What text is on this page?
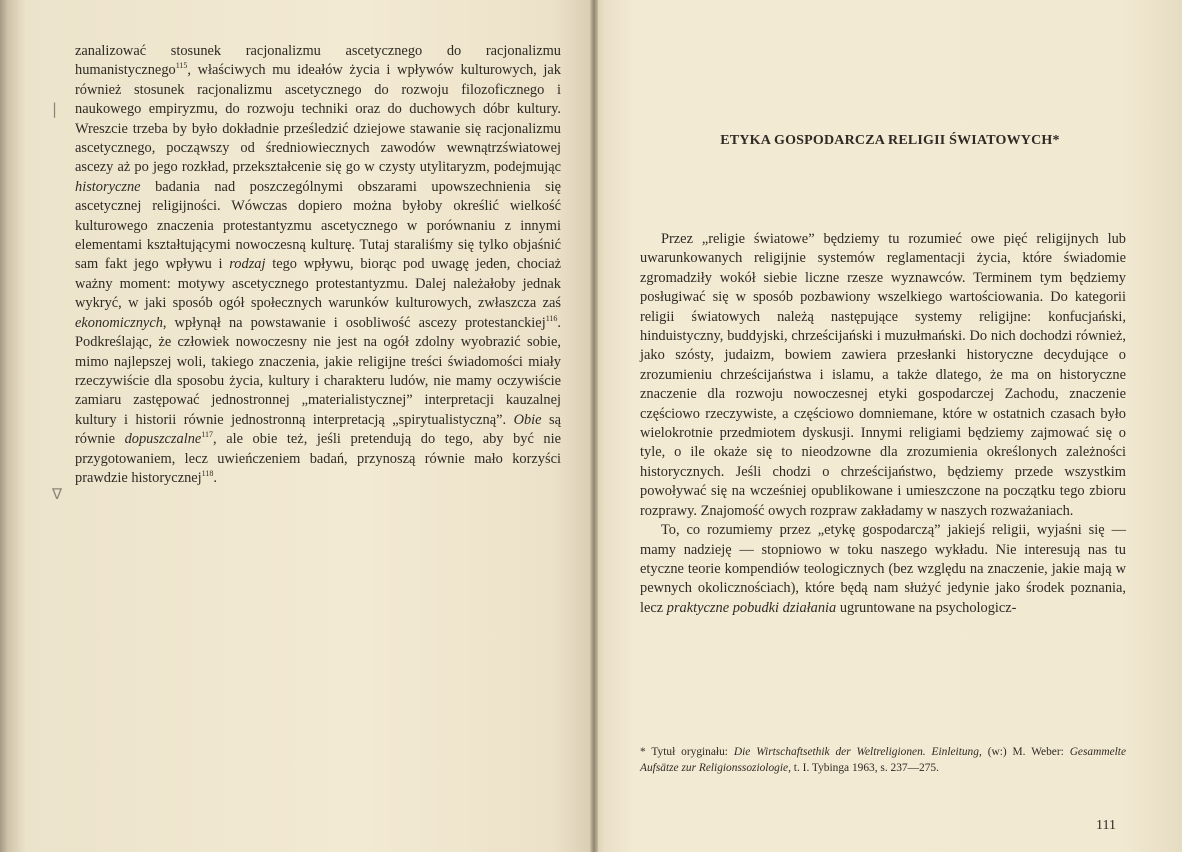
|
∇

zanalizować stosunek racjonalizmu ascetycznego do racjonalizmu humanistycznego$^{115}$, właściwych mu ideałów życia i wpływów kulturowych, jak również stosunek racjonalizmu ascetycznego do rozwoju filozoficznego i naukowego empiryzmu, do rozwoju techniki oraz do duchowych dóbr kultury. Wreszcie trzeba by było dokładnie prześledzić dziejowe stawanie się racjonalizmu ascetycznego, począwszy od średniowiecznych zawodów wewnątrzświatowej ascezy aż po jego rozkład, przekształcenie się go w czysty utylitaryzm, podejmując historyczne badania nad poszczególnymi obszarami upowszechnienia się ascetycznej religijności. Wówczas dopiero można byłoby określić wielkość kulturowego znaczenia protestantyzmu ascetycznego w porównaniu z innymi elementami kształtującymi nowoczesną kulturę. Tutaj staraliśmy się tylko objaśnić sam fakt jego wpływu i rodzaj tego wpływu, biorąc pod uwagę jeden, chociaż ważny moment: motywy ascetycznego protestantyzmu. Dalej należałoby jednak wykryć, w jaki sposób ogół społecznych warunków kulturowych, zwłaszcza zaś ekonomicznych, wpłynął na powstawanie i osobliwość ascezy protestanckiej$^{116}$. Podkreślając, że człowiek nowoczesny nie jest na ogół zdolny wyobrazić sobie, mimo najlepszej woli, takiego znaczenia, jakie religijne treści świadomości miały rzeczywiście dla sposobu życia, kultury i charakteru ludów, nie mamy oczywiście zamiaru zastępować jednostronnej „materialistycznej” interpretacji kauzalnej kultury i historii równie jednostronną interpretacją „spirytualistyczną”. Obie są równie dopuszczalne$^{117}$, ale obie też, jeśli pretendują do tego, aby być nie przygotowaniem, lecz uwieńczeniem badań, przynoszą równie mało korzyści prawdzie historycznej$^{118}$.

ETYKA GOSPODARCZA RELIGII ŚWIATOWYCH*

Przez „religie światowe” będziemy tu rozumieć owe pięć religijnych lub uwarunkowanych religijnie systemów reglamentacji życia, które świadomie zgromadziły wokół siebie liczne rzesze wyznawców. Terminem tym będziemy posługiwać się w sposób pozbawiony wszelkiego wartościowania. Do kategorii religii światowych należą następujące systemy religijne: konfucjański, hinduistyczny, buddyjski, chrześcijański i muzułmański. Do nich dochodzi również, jako szósty, judaizm, bowiem zawiera przesłanki historyczne decydujące o zrozumieniu chrześcijaństwa i islamu, a także dlatego, że ma on historyczne znaczenie dla rozwoju nowoczesnej etyki gospodarczej Zachodu, znaczenie częściowo rzeczywiste, a częściowo domniemane, które w ostatnich czasach było wielokrotnie przedmiotem dyskusji. Innymi religiami będziemy zajmować się o tyle, o ile okaże się to nieodzowne dla zrozumienia określonych zależności historycznych. Jeśli chodzi o chrześcijaństwo, będziemy przede wszystkim powoływać się na wcześniej opublikowane i umieszczone na początku tego zbioru rozprawy. Znajomość owych rozpraw zakładamy w naszych rozważaniach.

To, co rozumiemy przez „etykę gospodarczą” jakiejś religii, wyjaśni się — mamy nadzieję — stopniowo w toku naszego wykładu. Nie interesują nas tu etyczne teorie kompendiów teologicznych (bez względu na znaczenie, jakie mają w pewnych okolicznościach), które będą nam służyć jedynie jako środek poznania, lecz praktyczne pobudki działania ugruntowane na psychologicz-

* Tytuł oryginału: Die Wirtschaftsethik der Weltreligionen. Einleitung, (w:) M. Weber: Gesammelte Aufsätze zur Religionssoziologie, t. I. Tybinga 1963, s. 237—275.
111
